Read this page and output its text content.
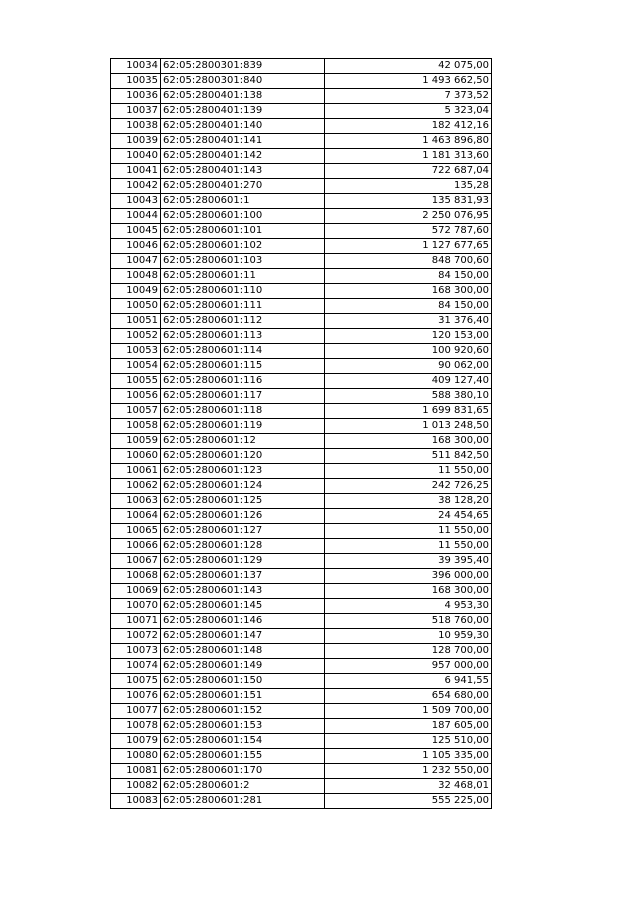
10034	62:05:2800301:839	42 075,00
10035	62:05:2800301:840	1 493 662,50
10036	62:05:2800401:138	7 373,52
10037	62:05:2800401:139	5 323,04
10038	62:05:2800401:140	182 412,16
10039	62:05:2800401:141	1 463 896,80
10040	62:05:2800401:142	1 181 313,60
10041	62:05:2800401:143	722 687,04
10042	62:05:2800401:270	135,28
10043	62:05:2800601:1	135 831,93
10044	62:05:2800601:100	2 250 076,95
10045	62:05:2800601:101	572 787,60
10046	62:05:2800601:102	1 127 677,65
10047	62:05:2800601:103	848 700,60
10048	62:05:2800601:11	84 150,00
10049	62:05:2800601:110	168 300,00
10050	62:05:2800601:111	84 150,00
10051	62:05:2800601:112	31 376,40
10052	62:05:2800601:113	120 153,00
10053	62:05:2800601:114	100 920,60
10054	62:05:2800601:115	90 062,00
10055	62:05:2800601:116	409 127,40
10056	62:05:2800601:117	588 380,10
10057	62:05:2800601:118	1 699 831,65
10058	62:05:2800601:119	1 013 248,50
10059	62:05:2800601:12	168 300,00
10060	62:05:2800601:120	511 842,50
10061	62:05:2800601:123	11 550,00
10062	62:05:2800601:124	242 726,25
10063	62:05:2800601:125	38 128,20
10064	62:05:2800601:126	24 454,65
10065	62:05:2800601:127	11 550,00
10066	62:05:2800601:128	11 550,00
10067	62:05:2800601:129	39 395,40
10068	62:05:2800601:137	396 000,00
10069	62:05:2800601:143	168 300,00
10070	62:05:2800601:145	4 953,30
10071	62:05:2800601:146	518 760,00
10072	62:05:2800601:147	10 959,30
10073	62:05:2800601:148	128 700,00
10074	62:05:2800601:149	957 000,00
10075	62:05:2800601:150	6 941,55
10076	62:05:2800601:151	654 680,00
10077	62:05:2800601:152	1 509 700,00
10078	62:05:2800601:153	187 605,00
10079	62:05:2800601:154	125 510,00
10080	62:05:2800601:155	1 105 335,00
10081	62:05:2800601:170	1 232 550,00
10082	62:05:2800601:2	32 468,01
10083	62:05:2800601:281	555 225,00
